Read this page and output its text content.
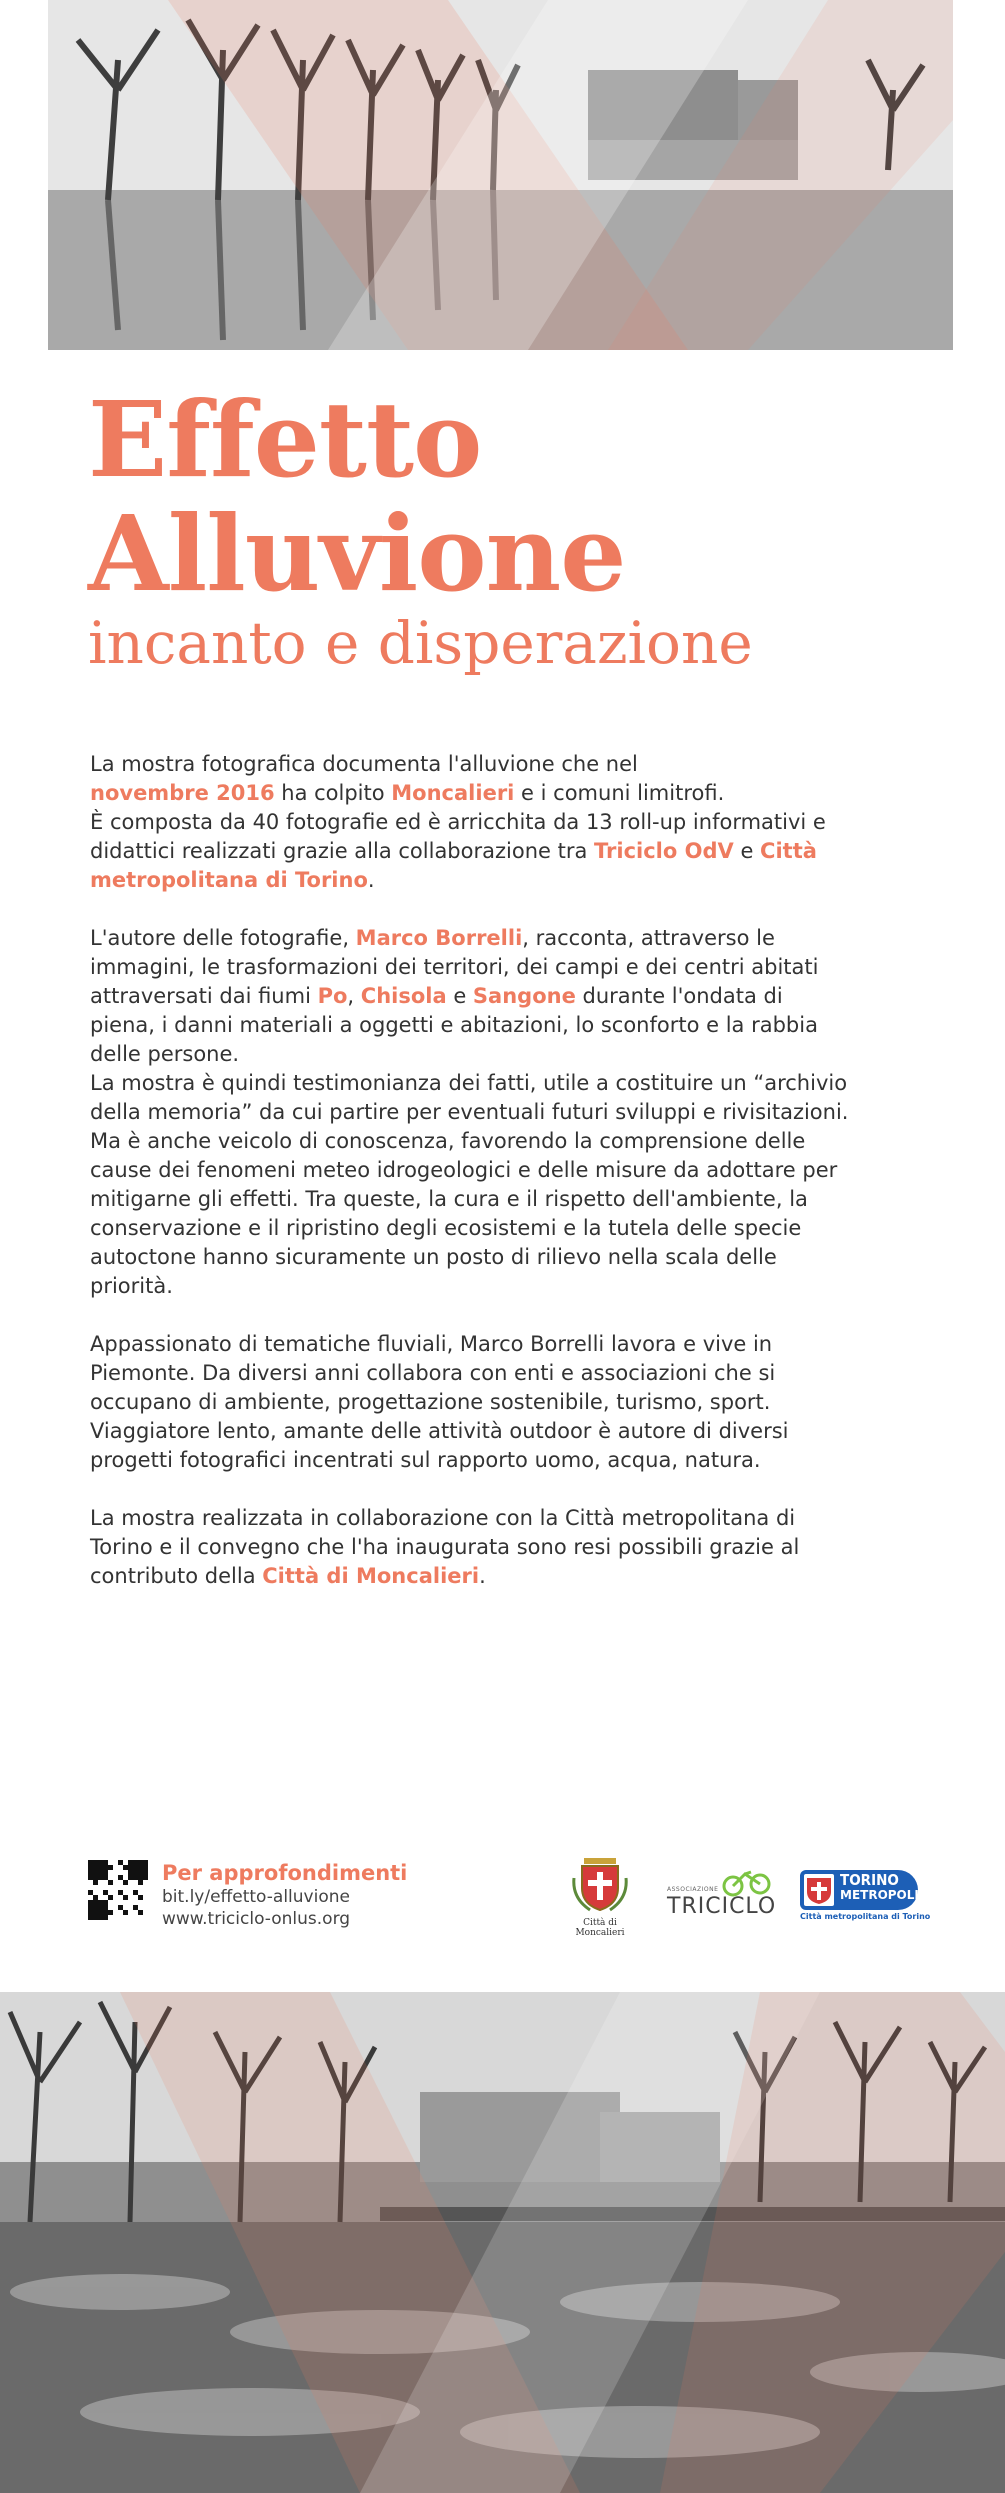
Effetto
Alluvione
incanto e disperazione

La mostra fotografica documenta l'alluvione che nel
novembre 2016 ha colpito Moncalieri e i comuni limitrofi.
È composta da 40 fotografie ed è arricchita da 13 roll-up informativi e didattici realizzati grazie alla collaborazione tra Triciclo OdV e Città metropolitana di Torino.

L'autore delle fotografie, Marco Borrelli, racconta, attraverso le immagini, le trasformazioni dei territori, dei campi e dei centri abitati attraversati dai fiumi Po, Chisola e Sangone durante l'ondata di piena, i danni materiali a oggetti e abitazioni, lo sconforto e la rabbia delle persone.

La mostra è quindi testimonianza dei fatti, utile a costituire un “archivio della memoria” da cui partire per eventuali futuri sviluppi e rivisitazioni.

Ma è anche veicolo di conoscenza, favorendo la comprensione delle cause dei fenomeni meteo idrogeologici e delle misure da adottare per mitigarne gli effetti. Tra queste, la cura e il rispetto dell'ambiente, la conservazione e il ripristino degli ecosistemi e la tutela delle specie autoctone hanno sicuramente un posto di rilievo nella scala delle priorità.

Appassionato di tematiche fluviali, Marco Borrelli lavora e vive in Piemonte. Da diversi anni collabora con enti e associazioni che si occupano di ambiente, progettazione sostenibile, turismo, sport. Viaggiatore lento, amante delle attività outdoor è autore di diversi progetti fotografici incentrati sul rapporto uomo, acqua, natura.

La mostra realizzata in collaborazione con la Città metropolitana di Torino e il convegno che l'ha inaugurata sono resi possibili grazie al contributo della Città di Moncalieri.

Per approfondimenti
bit.ly/effetto-alluvione
www.triciclo-onlus.org	Città di
Moncalieri
ASSOCIAZIONE
TRICICLO
TORINO
METROPOLI
Città metropolitana di Torino
